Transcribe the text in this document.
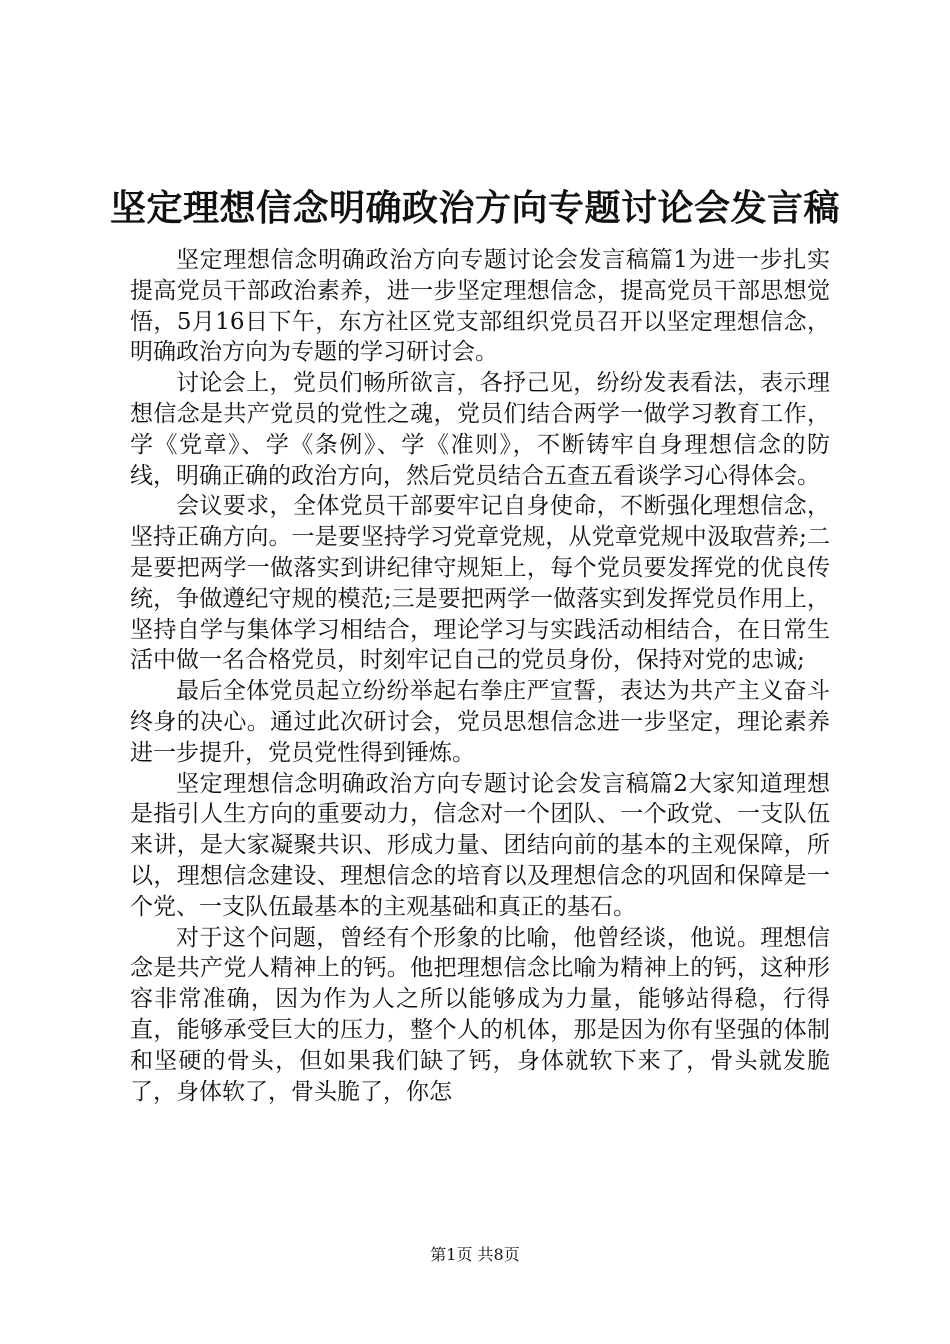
坚定理想信念明确政治方向专题讨论会发言稿

坚定理想信念明确政治方向专题讨论会发言稿篇1为进一步扎实提高党员干部政治素养，进一步坚定理想信念，提高党员干部思想觉悟，5月16日下午，东方社区党支部组织党员召开以坚定理想信念，明确政治方向为专题的学习研讨会。

讨论会上，党员们畅所欲言，各抒己见，纷纷发表看法，表示理想信念是共产党员的党性之魂，党员们结合两学一做学习教育工作，学《党章》、学《条例》、学《准则》，不断铸牢自身理想信念的防线，明确正确的政治方向，然后党员结合五查五看谈学习心得体会。

会议要求，全体党员干部要牢记自身使命，不断强化理想信念，坚持正确方向。一是要坚持学习党章党规，从党章党规中汲取营养;二是要把两学一做落实到讲纪律守规矩上，每个党员要发挥党的优良传统，争做遵纪守规的模范;三是要把两学一做落实到发挥党员作用上，坚持自学与集体学习相结合，理论学习与实践活动相结合，在日常生活中做一名合格党员，时刻牢记自己的党员身份，保持对党的忠诚;

最后全体党员起立纷纷举起右拳庄严宣誓，表达为共产主义奋斗终身的决心。通过此次研讨会，党员思想信念进一步坚定，理论素养进一步提升，党员党性得到锤炼。

坚定理想信念明确政治方向专题讨论会发言稿篇2大家知道理想是指引人生方向的重要动力，信念对一个团队、一个政党、一支队伍来讲，是大家凝聚共识、形成力量、团结向前的基本的主观保障，所以，理想信念建设、理想信念的培育以及理想信念的巩固和保障是一个党、一支队伍最基本的主观基础和真正的基石。

对于这个问题，曾经有个形象的比喻，他曾经谈，他说。理想信念是共产党人精神上的钙。他把理想信念比喻为精神上的钙，这种形容非常准确，因为作为人之所以能够成为力量，能够站得稳，行得直，能够承受巨大的压力，整个人的机体，那是因为你有坚强的体制和坚硬的骨头，但如果我们缺了钙，身体就软下来了，骨头就发脆了，身体软了，骨头脆了，你怎

第1页 共8页
